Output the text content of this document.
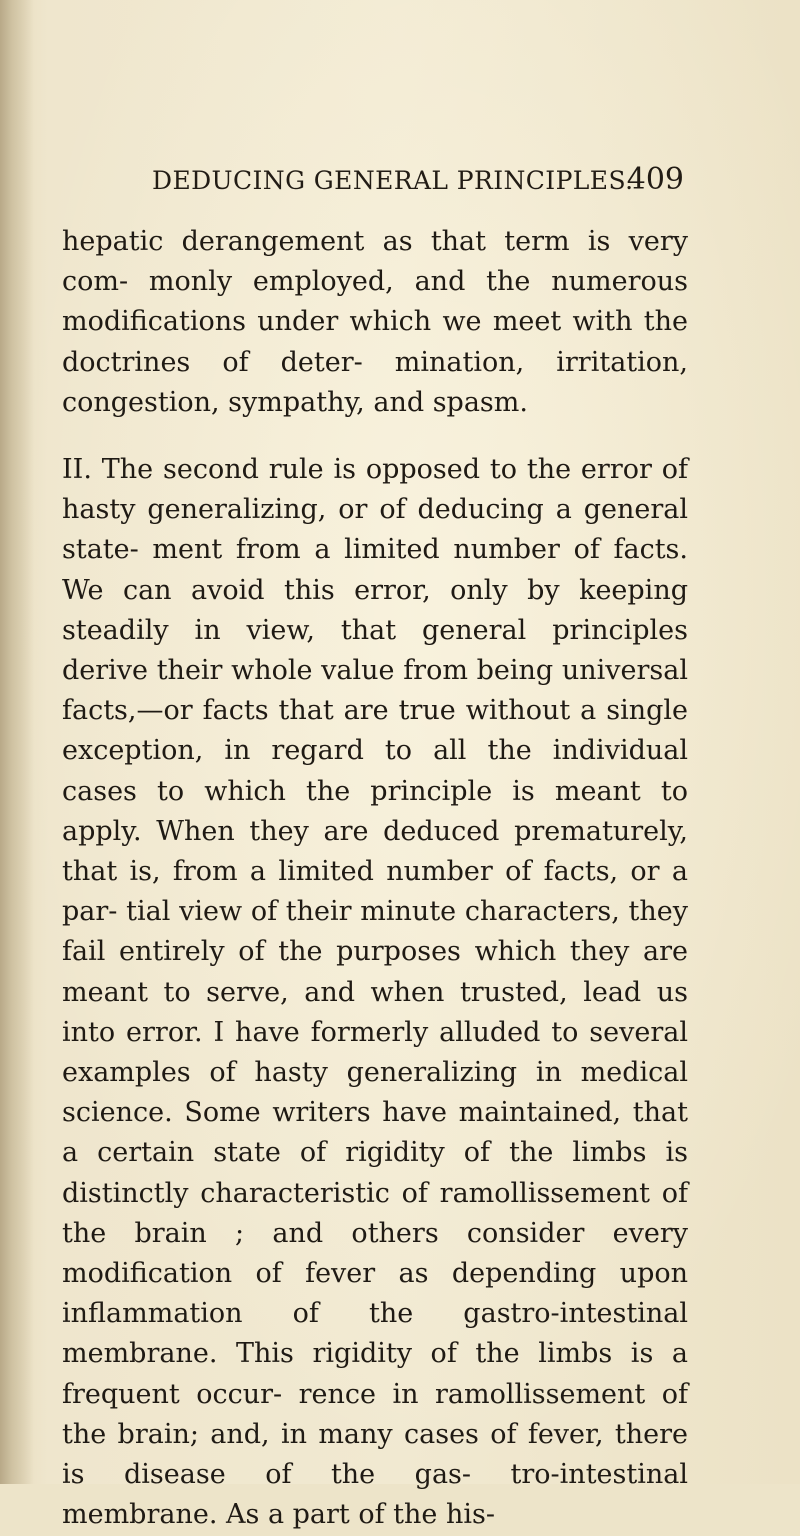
DEDUCING GENERAL PRINCIPLES.
409

hepatic derangement as that term is very com- monly employed, and the numerous modifications under which we meet with the doctrines of deter- mination, irritation, congestion, sympathy, and spasm.

II. The second rule is opposed to the error of hasty generalizing, or of deducing a general state- ment from a limited number of facts. We can avoid this error, only by keeping steadily in view, that general principles derive their whole value from being universal facts,—or facts that are true without a single exception, in regard to all the individual cases to which the principle is meant to apply. When they are deduced prematurely, that is, from a limited number of facts, or a par- tial view of their minute characters, they fail entirely of the purposes which they are meant to serve, and when trusted, lead us into error. I have formerly alluded to several examples of hasty generalizing in medical science. Some writers have maintained, that a certain state of rigidity of the limbs is distinctly characteristic of ramollissement of the brain ; and others consider every modification of fever as depending upon inflammation of the gastro-intestinal membrane. This rigidity of the limbs is a frequent occur- rence in ramollissement of the brain; and, in many cases of fever, there is disease of the gas- tro-intestinal membrane. As a part of the his-
